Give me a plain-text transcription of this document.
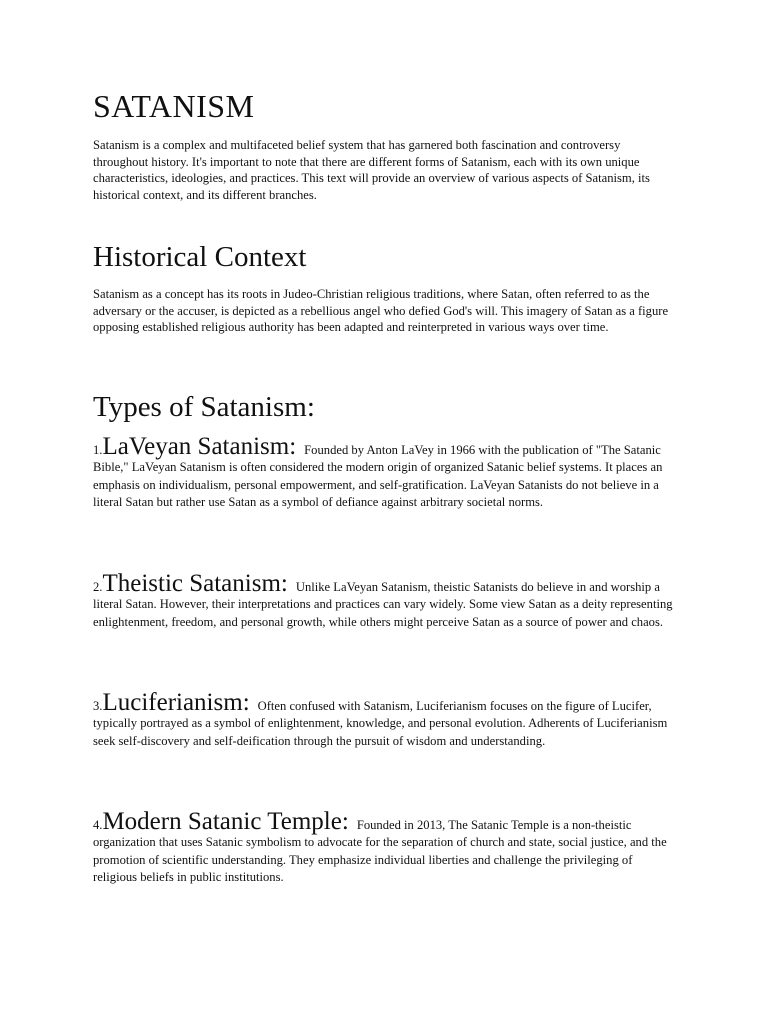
SATANISM

Satanism is a complex and multifaceted belief system that has garnered both fascination and controversy throughout history. It's important to note that there are different forms of Satanism, each with its own unique characteristics, ideologies, and practices. This text will provide an overview of various aspects of Satanism, its historical context, and its different branches.

Historical Context

Satanism as a concept has its roots in Judeo-Christian religious traditions, where Satan, often referred to as the adversary or the accuser, is depicted as a rebellious angel who defied God's will. This imagery of Satan as a figure opposing established religious authority has been adapted and reinterpreted in various ways over time.

Types of Satanism:
1.LaVeyan Satanism: Founded by Anton LaVey in 1966 with the publication of "The Satanic Bible," LaVeyan Satanism is often considered the modern origin of organized Satanic belief systems. It places an emphasis on individualism, personal empowerment, and self-gratification. LaVeyan Satanists do not believe in a literal Satan but rather use Satan as a symbol of defiance against arbitrary societal norms.
2.Theistic Satanism: Unlike LaVeyan Satanism, theistic Satanists do believe in and worship a literal Satan. However, their interpretations and practices can vary widely. Some view Satan as a deity representing enlightenment, freedom, and personal growth, while others might perceive Satan as a source of power and chaos.
3.Luciferianism: Often confused with Satanism, Luciferianism focuses on the figure of Lucifer, typically portrayed as a symbol of enlightenment, knowledge, and personal evolution. Adherents of Luciferianism seek self-discovery and self-deification through the pursuit of wisdom and understanding.
4.Modern Satanic Temple: Founded in 2013, The Satanic Temple is a non-theistic organization that uses Satanic symbolism to advocate for the separation of church and state, social justice, and the promotion of scientific understanding. They emphasize individual liberties and challenge the privileging of religious beliefs in public institutions.
